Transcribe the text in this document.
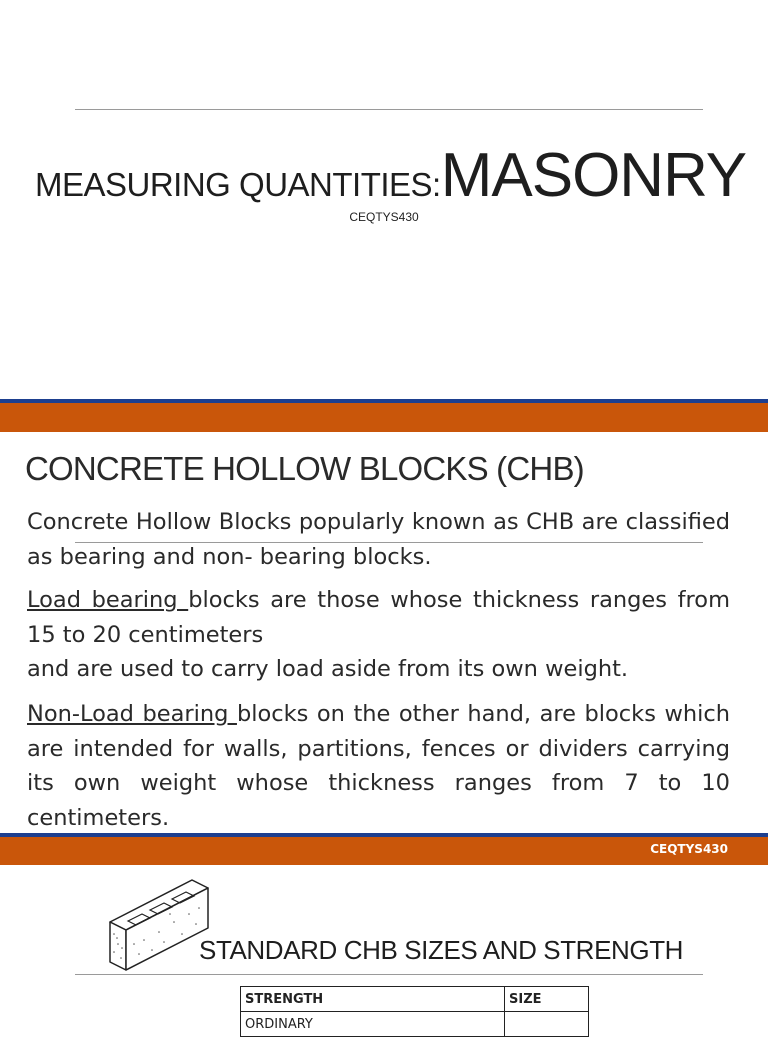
MEASURING QUANTITIES:MASONRY
CEQTYS430
CONCRETE HOLLOW BLOCKS (CHB)
Concrete Hollow Blocks popularly known as CHB are classified as bearing and non- bearing blocks.
Load bearing blocks are those whose thickness ranges from 15 to 20 centimeters
and are used to carry load aside from its own weight.
Non-Load bearing blocks on the other hand, are blocks which are intended for walls, partitions, fences or dividers carrying its own weight whose thickness ranges from 7 to 10 centimeters.
CEQTYS430
STANDARD CHB SIZES AND STRENGTH
STRENGTH	SIZE
ORDINARY	
